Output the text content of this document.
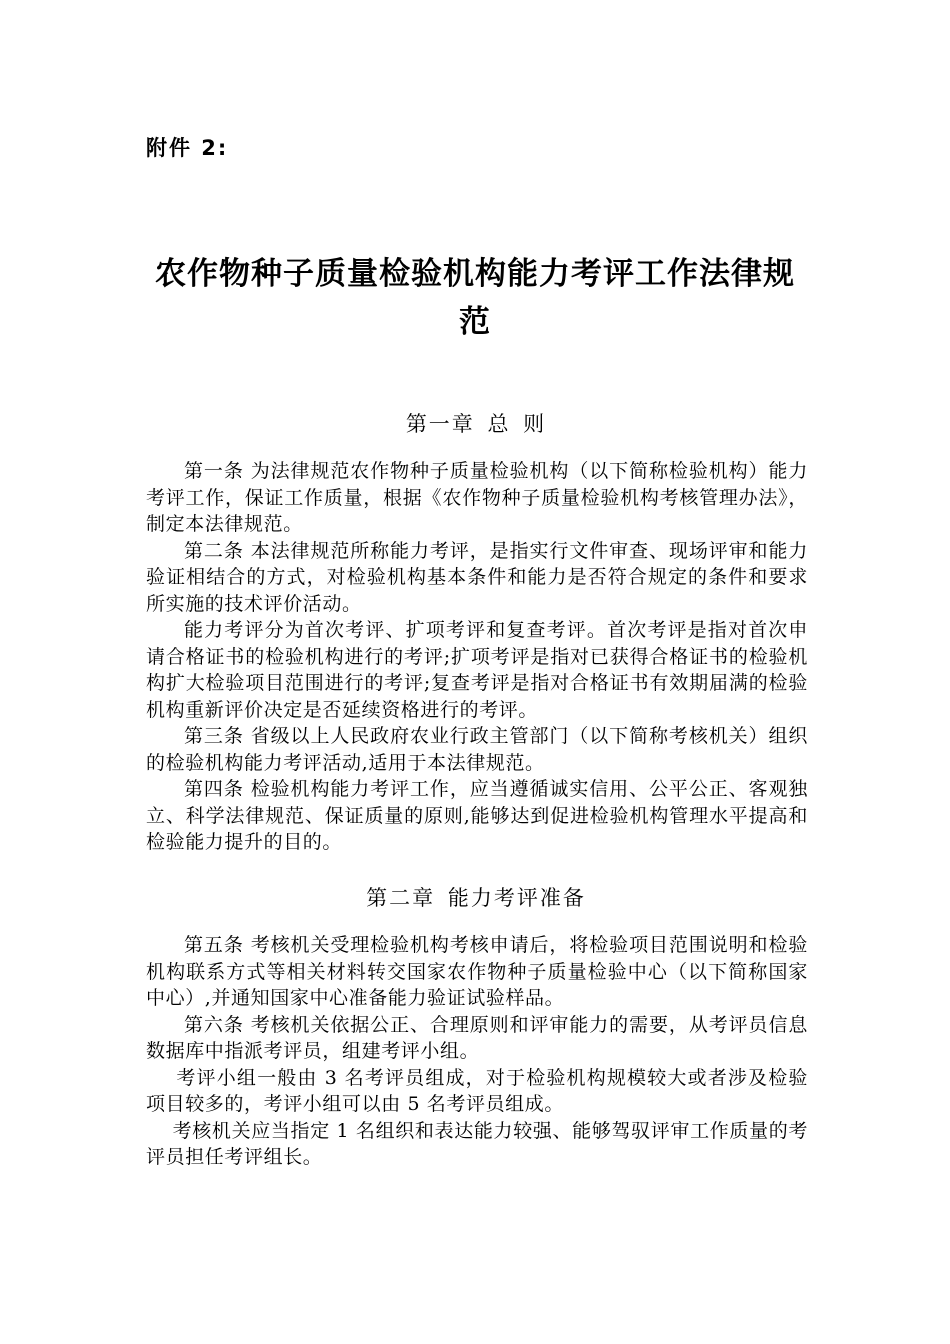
附件 2:
农作物种子质量检验机构能力考评工作法律规范
第一章 总 则

第一条 为法律规范农作物种子质量检验机构（以下简称检验机构）能力考评工作，保证工作质量，根据《农作物种子质量检验机构考核管理办法》，制定本法律规范。

第二条 本法律规范所称能力考评，是指实行文件审查、现场评审和能力验证相结合的方式，对检验机构基本条件和能力是否符合规定的条件和要求所实施的技术评价活动。

能力考评分为首次考评、扩项考评和复查考评。首次考评是指对首次申请合格证书的检验机构进行的考评;扩项考评是指对已获得合格证书的检验机构扩大检验项目范围进行的考评;复查考评是指对合格证书有效期届满的检验机构重新评价决定是否延续资格进行的考评。

第三条 省级以上人民政府农业行政主管部门（以下简称考核机关）组织的检验机构能力考评活动,适用于本法律规范。

第四条 检验机构能力考评工作，应当遵循诚实信用、公平公正、客观独立、科学法律规范、保证质量的原则,能够达到促进检验机构管理水平提高和检验能力提升的目的。

第二章 能力考评准备

第五条 考核机关受理检验机构考核申请后，将检验项目范围说明和检验机构联系方式等相关材料转交国家农作物种子质量检验中心（以下简称国家中心）,并通知国家中心准备能力验证试验样品。

第六条 考核机关依据公正、合理原则和评审能力的需要，从考评员信息数据库中指派考评员，组建考评小组。

考评小组一般由 3 名考评员组成，对于检验机构规模较大或者涉及检验项目较多的，考评小组可以由 5 名考评员组成。

考核机关应当指定 1 名组织和表达能力较强、能够驾驭评审工作质量的考评员担任考评组长。
